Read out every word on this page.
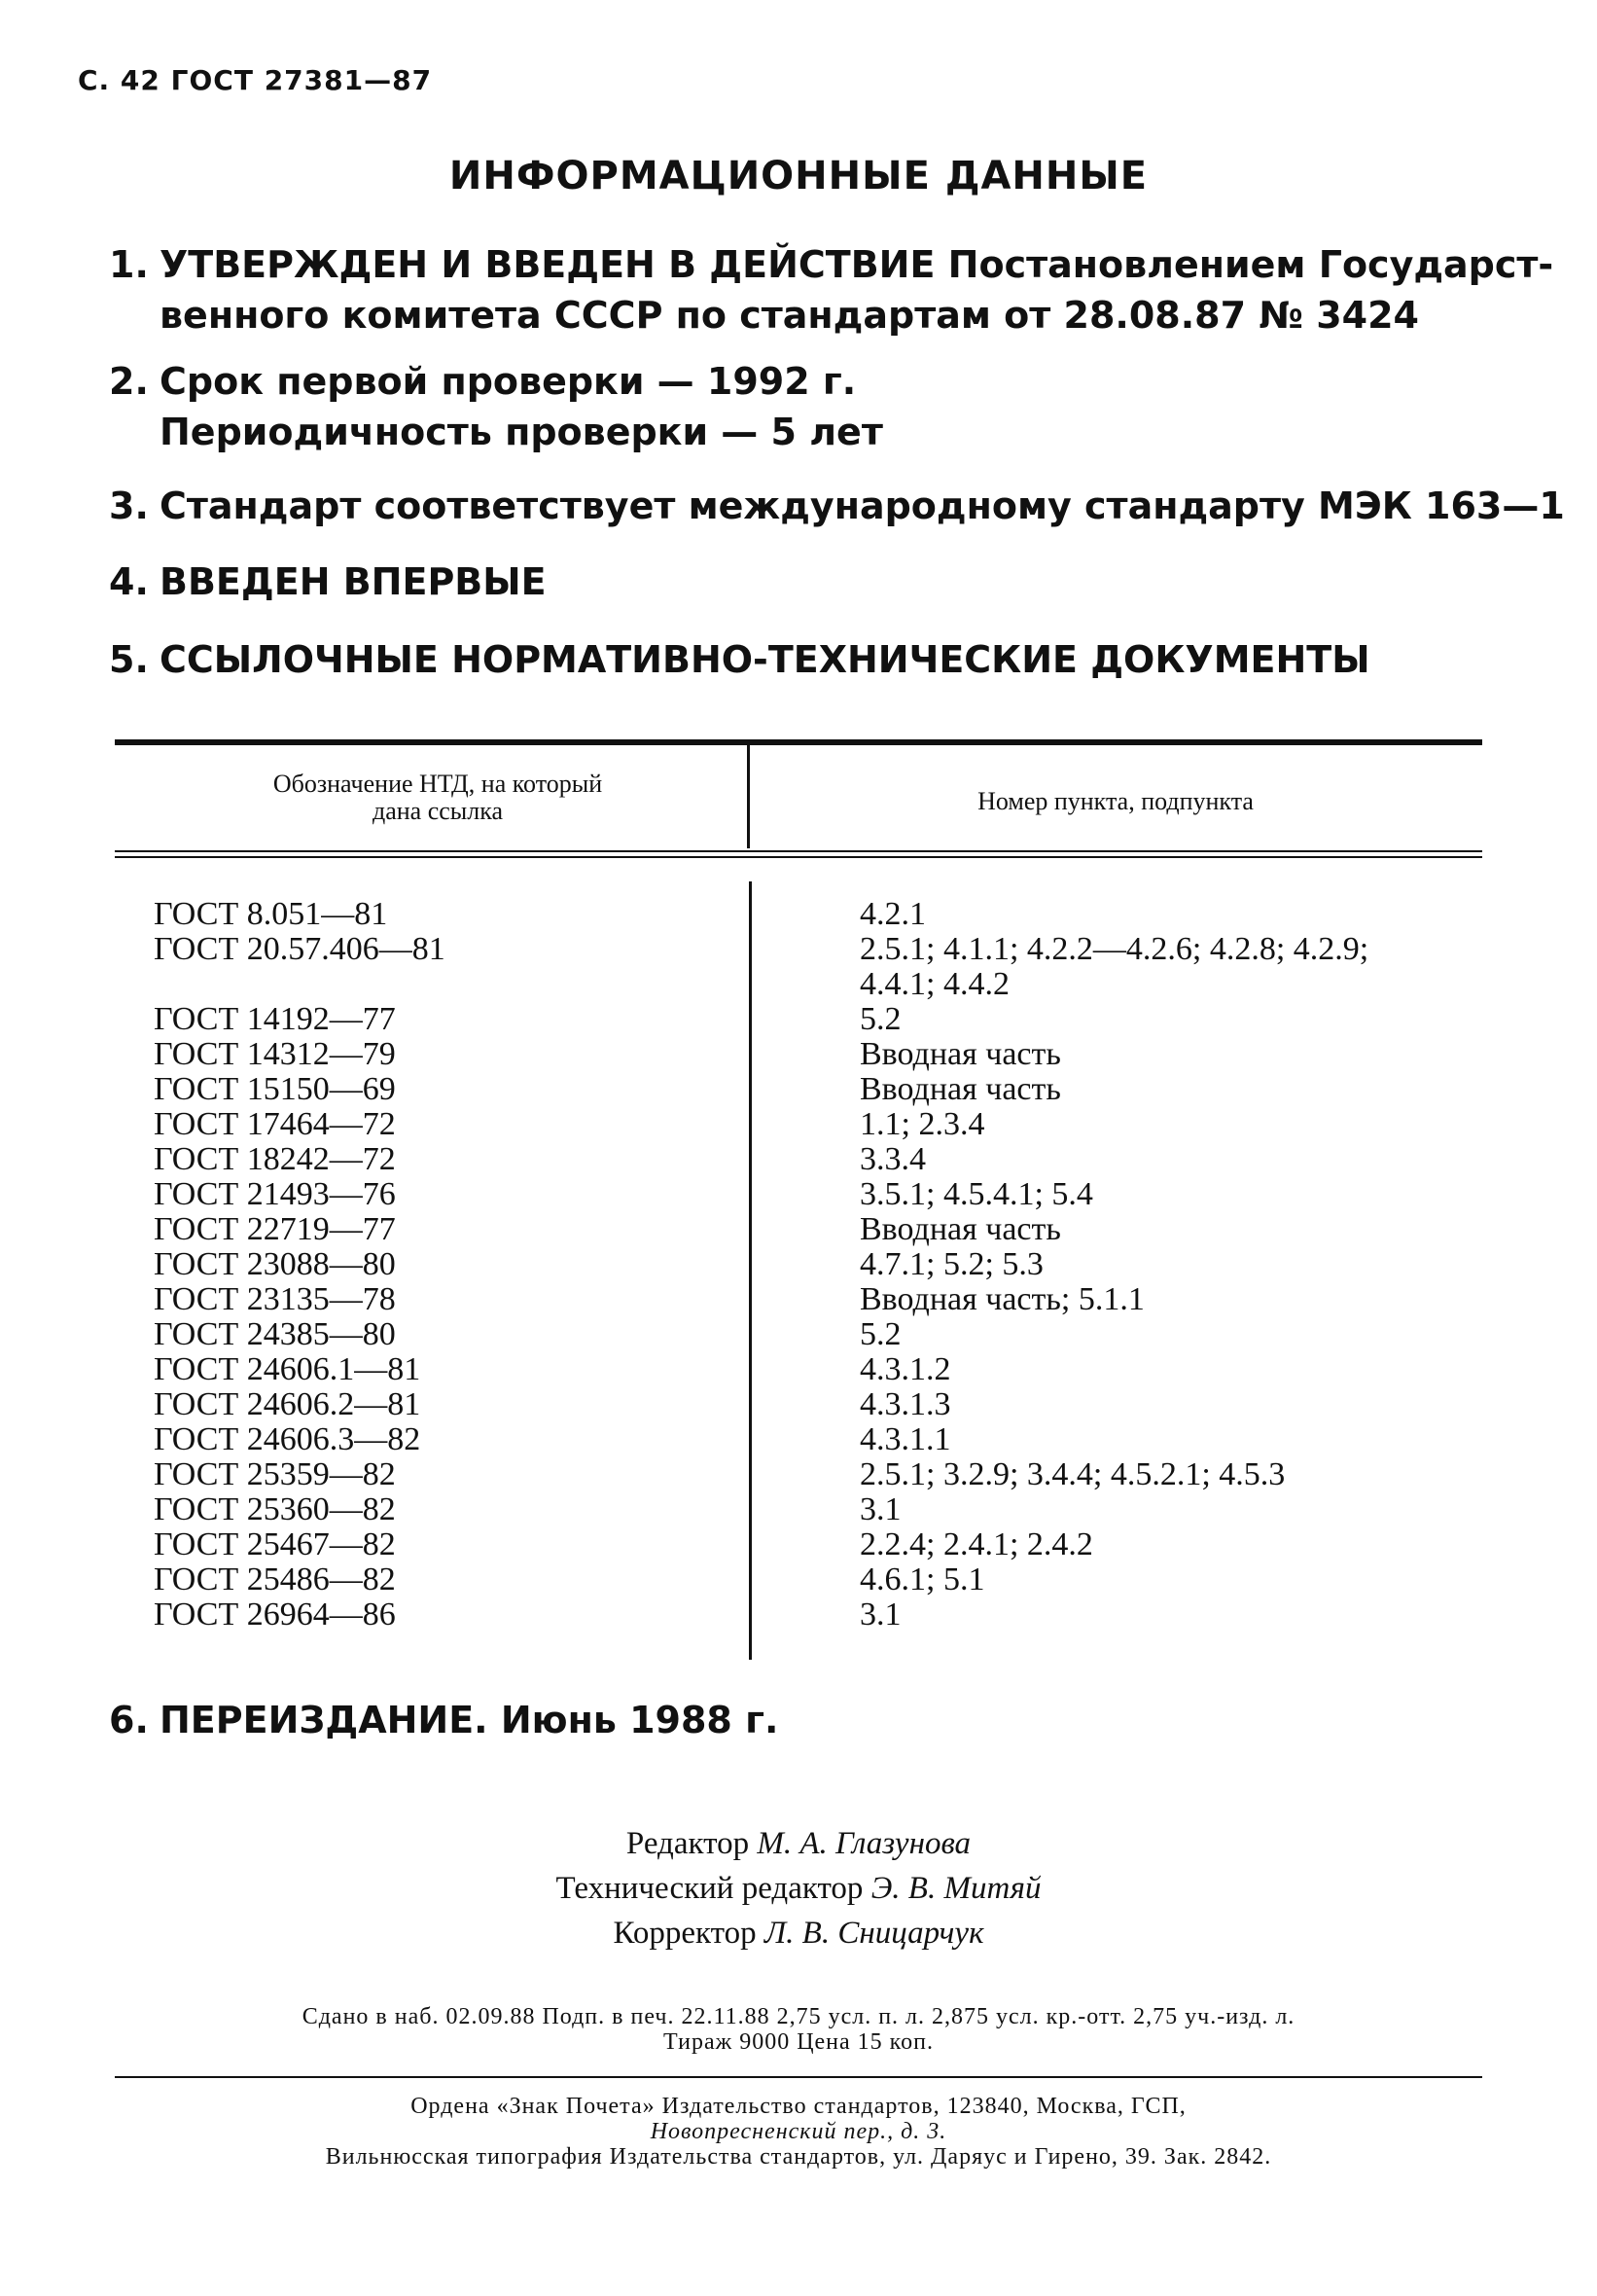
С. 42 ГОСТ 27381—87
ИНФОРМАЦИОННЫЕ ДАННЫЕ
1. УТВЕРЖДЕН И ВВЕДЕН В ДЕЙСТВИЕ Постановлением Государст-
венного комитета СССР по стандартам от 28.08.87 № 3424
2. Срок первой проверки — 1992 г.
Периодичность проверки — 5 лет
3. Стандарт соответствует международному стандарту МЭК 163—1
4. ВВЕДЕН ВПЕРВЫЕ
5. ССЫЛОЧНЫЕ НОРМАТИВНО-ТЕХНИЧЕСКИЕ ДОКУМЕНТЫ
Обозначение НТД, на который
дана ссылка	Номер пункта, подпункта
ГОСТ 8.051—81
ГОСТ 20.57.406—81
ГОСТ 14192—77
ГОСТ 14312—79
ГОСТ 15150—69
ГОСТ 17464—72
ГОСТ 18242—72
ГОСТ 21493—76
ГОСТ 22719—77
ГОСТ 23088—80
ГОСТ 23135—78
ГОСТ 24385—80
ГОСТ 24606.1—81
ГОСТ 24606.2—81
ГОСТ 24606.3—82
ГОСТ 25359—82
ГОСТ 25360—82
ГОСТ 25467—82
ГОСТ 25486—82
ГОСТ 26964—86
4.2.1
2.5.1; 4.1.1; 4.2.2—4.2.6; 4.2.8; 4.2.9;
4.4.1; 4.4.2
5.2
Вводная часть
Вводная часть
1.1; 2.3.4
3.3.4
3.5.1; 4.5.4.1; 5.4
Вводная часть
4.7.1; 5.2; 5.3
Вводная часть; 5.1.1
5.2
4.3.1.2
4.3.1.3
4.3.1.1
2.5.1; 3.2.9; 3.4.4; 4.5.2.1; 4.5.3
3.1
2.2.4; 2.4.1; 2.4.2
4.6.1; 5.1
3.1
6. ПЕРЕИЗДАНИЕ. Июнь 1988 г.
Редактор М. А. Глазунова
Технический редактор Э. В. Митяй
Корректор Л. В. Сницарчук
Сдано в наб. 02.09.88 Подп. в печ. 22.11.88 2,75 усл. п. л. 2,875 усл. кр.-отт. 2,75 уч.-изд. л.
Тираж 9000 Цена 15 коп.
Ордена «Знак Почета» Издательство стандартов, 123840, Москва, ГСП,
Новопресненский пер., д. 3.
Вильнюсская типография Издательства стандартов, ул. Даряус и Гирено, 39. Зак. 2842.
